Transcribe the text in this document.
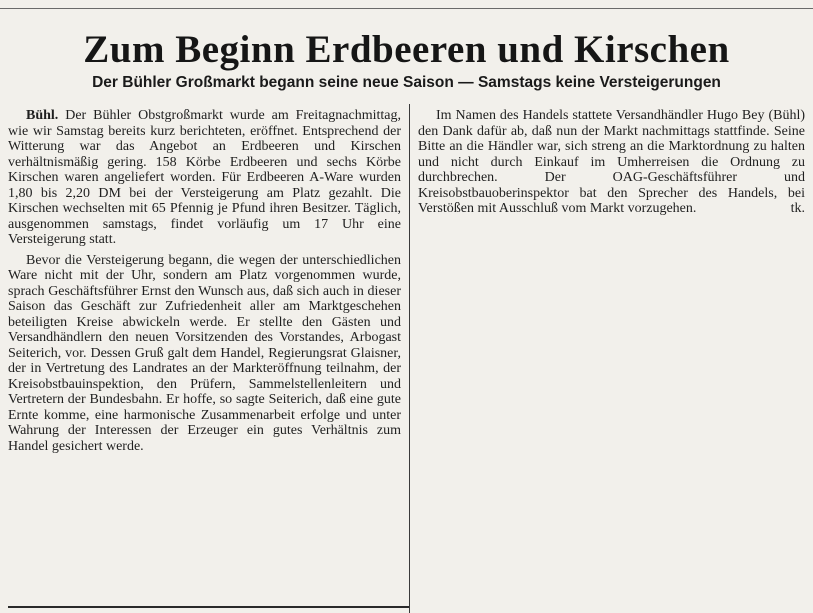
Zum Beginn Erdbeeren und Kirschen
Der Bühler Großmarkt begann seine neue Saison — Samstags keine Versteigerungen

Bühl. Der Bühler Obstgroßmarkt wurde am Freitagnachmittag, wie wir Samstag bereits kurz berichteten, eröffnet. Entsprechend der Witterung war das Angebot an Erdbeeren und Kirschen verhältnismäßig gering. 158 Körbe Erdbeeren und sechs Körbe Kirschen waren angeliefert worden. Für Erdbeeren A-Ware wurden 1,80 bis 2,20 DM bei der Versteigerung am Platz gezahlt. Die Kirschen wechselten mit 65 Pfennig je Pfund ihren Besitzer. Täglich, ausgenommen samstags, findet vorläufig um 17 Uhr eine Versteigerung statt.

Bevor die Versteigerung begann, die wegen der unterschiedlichen Ware nicht mit der Uhr, sondern am Platz vorgenommen wurde, sprach Geschäftsführer Ernst den Wunsch aus, daß sich auch in dieser Saison das Geschäft zur Zufriedenheit aller am Marktgeschehen beteiligten Kreise abwickeln werde. Er stellte den Gästen und Versandhändlern den neuen Vorsitzenden des Vorstandes, Arbogast Seiterich, vor. Dessen Gruß galt dem Handel, Regierungsrat Glaisner, der in Vertretung des Landrates an der Markteröffnung teilnahm, der Kreisobstbauinspektion, den Prüfern, Sammelstellenleitern und Vertretern der Bundesbahn. Er hoffe, so sagte Seiterich, daß eine gute Ernte komme, eine harmonische Zusammenarbeit erfolge und unter Wahrung der Interessen der Erzeuger ein gutes Verhältnis zum Handel gesichert werde.

Im Namen des Handels stattete Versandhändler Hugo Bey (Bühl) den Dank dafür ab, daß nun der Markt nachmittags stattfinde. Seine Bitte an die Händler war, sich streng an die Marktordnung zu halten und nicht durch Einkauf im Umherreisen die Ordnung zu durchbrechen. Der OAG-Geschäftsführer und Kreisobstbauoberinspektor bat den Sprecher des Handels, bei Verstößen mit Ausschluß vom Markt vorzugehen.	tk.
